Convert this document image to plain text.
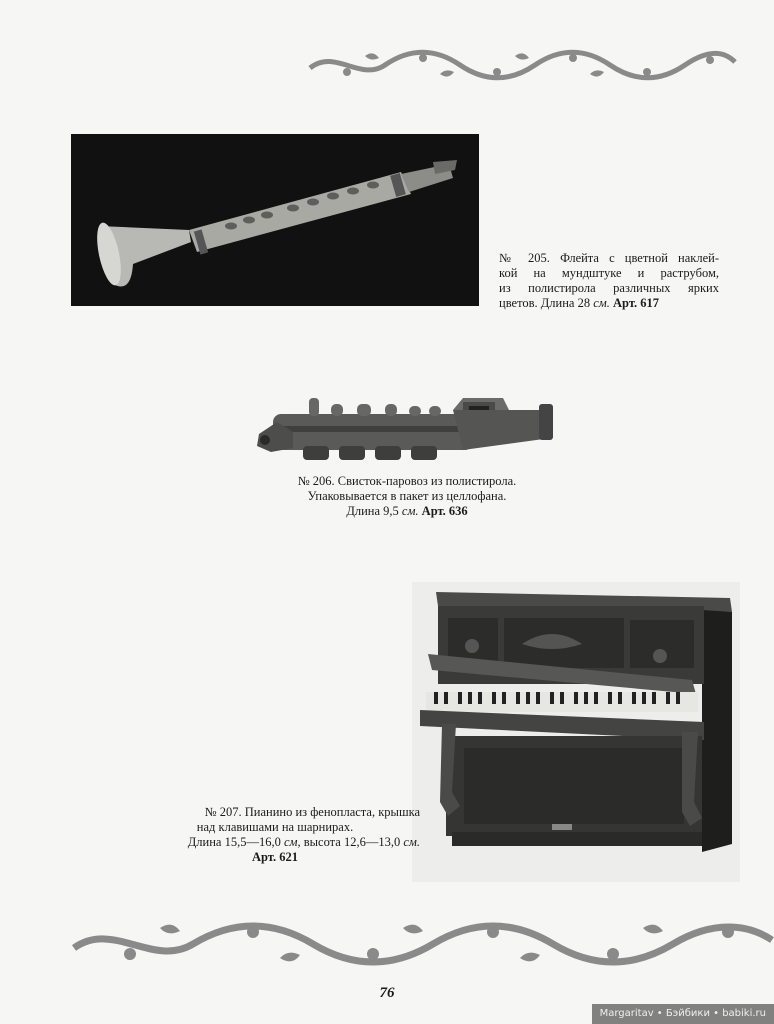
№ 205. Флейта с цветной наклей-
кой на мундштуке и раструбом,
из полистирола различных ярких
цветов. Длина 28 см. Арт. 617

№ 206. Свисток-паровоз из полистирола.
Упаковывается в пакет из целлофана.
Длина 9,5 см. Арт. 636

№ 207. Пианино из фенопласта, крышка
над клавишами на шарнирах.
Длина 15,5—16,0 см, высота 12,6—13,0 см.
Арт. 621

76
Margaritav • Бэйбики • babiki.ru
